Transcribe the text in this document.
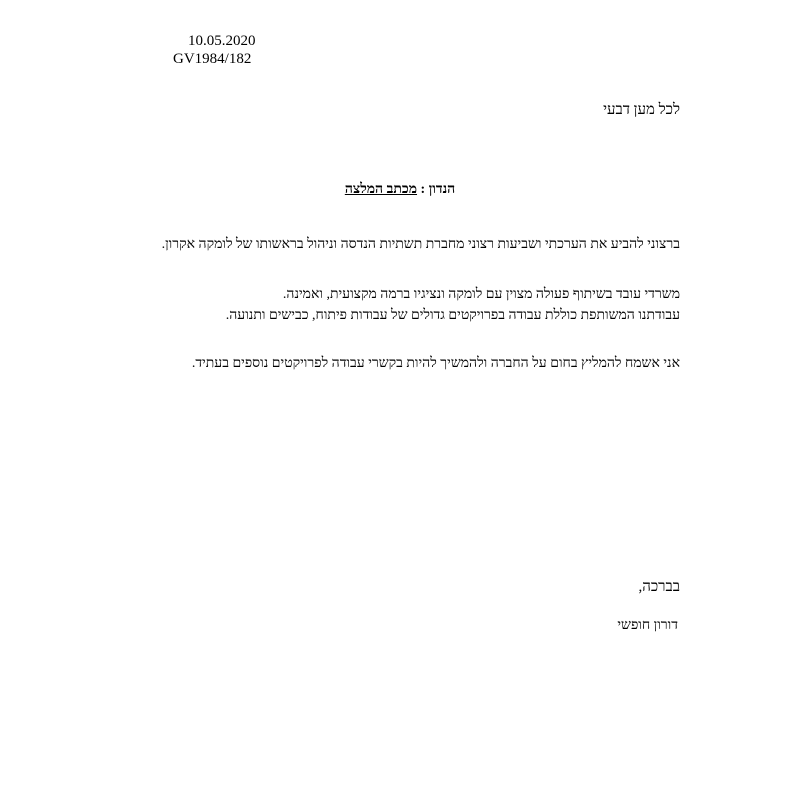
10.05.2020
GV1984/182
לכל מען דבעי
הנדון : מכתב המלצה
ברצוני להביע את הערכתי ושביעות רצוני מחברת תשתיות הנדסה וניהול בראשותו של לומקה אקרון.
משרדי עובד בשיתוף פעולה מצוין עם לומקה ונציגיו ברמה מקצועית, ואמינה.
עבודתנו המשותפת כוללת עבודה בפרויקטים גדולים של עבודות פיתוח, כבישים ותנועה.
אני אשמח להמליץ בחום על החברה ולהמשיך להיות בקשרי עבודה לפרויקטים נוספים בעתיד.
בברכה,
דורון חופשי
